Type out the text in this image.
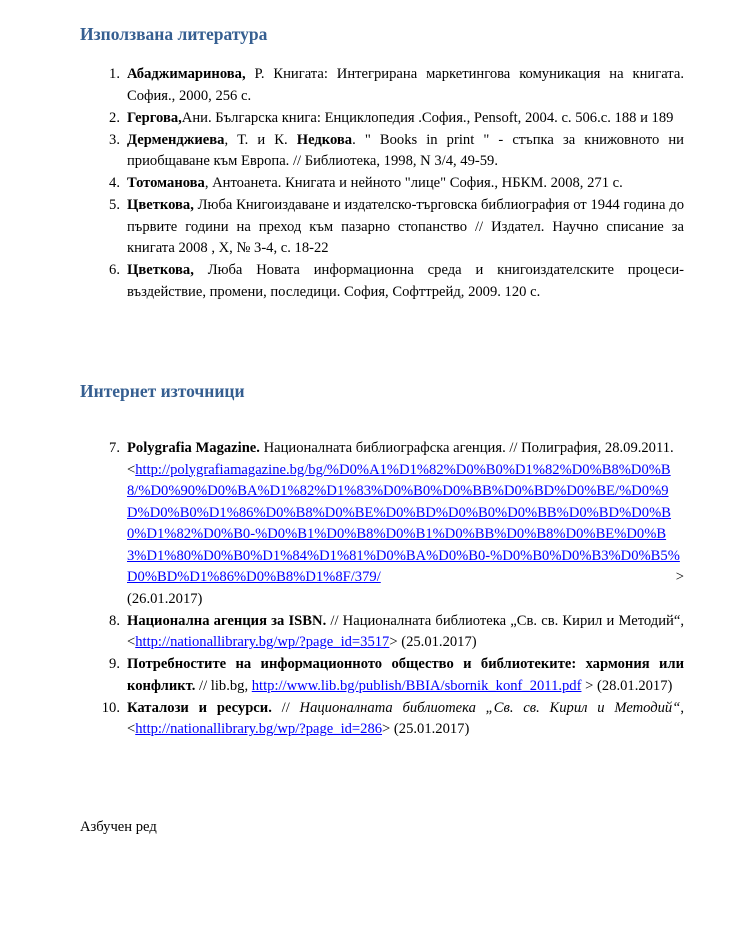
Използвана литература
1. Абаджимаринова, Р. Книгата: Интегрирана маркетингова комуникация на книгата. София., 2000, 256 с.
2. Гергова,Ани. Българска книга: Енциклопедия .София., Pensoft, 2004. с. 506.с. 188 и 189
3. Дерменджиева, Т. и К. Недкова. " Books in print " - стъпка за книжовното ни приобщаване към Европа. // Библиотека, 1998, N 3/4, 49-59.
4. Тотоманова, Антоанета. Книгата и нейното "лице" София., НБКМ. 2008, 271 с.
5. Цветкова, Люба Книгоиздаване и издателско-търговска библиография от 1944 година до първите години на преход към пазарно стопанство // Издател. Научно списание за книгата 2008 , X, № 3-4, с. 18-22
6. Цветкова, Люба Новата информационна среда и книгоиздателските процеси- въздействие, промени, последици. София, Софттрейд, 2009. 120 с.
Интернет източници
7. Polygrafia Magazine. Националната библиографска агенция. // Полиграфия, 28.09.2011.
<http://polygrafiamagazine.bg/bg/%D0%A1%D1%82%D0%B0%D1%82%D0%B8%D0%B8/%D0%90%D0%BA%D1%82%D1%83%D0%B0%D0%BB%D0%BD%D0%BE/%D0%9D%D0%B0%D1%86%D0%B8%D0%BE%D0%BD%D0%B0%D0%BB%D0%BD%D0%B0%D1%82%D0%B0-%D0%B1%D0%B8%D0%B1%D0%BB%D0%B8%D0%BE%D0%B3%D1%80%D0%B0%D1%84%D1%81%D0%BA%D0%B0-%D0%B0%D0%B3%D0%B5%D0%BD%D1%86%D0%B8%D1%8F/379/	>

(26.01.2017)
8. Национална агенция за ISBN. // Националната библиотека „Св. св. Кирил и Методий“, <http://nationallibrary.bg/wp/?page_id=3517> (25.01.2017)
9. Потребностите на информационното общество и библиотеките: хармония или конфликт. // lib.bg, http://www.lib.bg/publish/BBIA/sbornik_konf_2011.pdf > (28.01.2017)
10. Каталози и ресурси. // Националната библиотека „Св. св. Кирил и Методий“, <http://nationallibrary.bg/wp/?page_id=286> (25.01.2017)
Азбучен ред
